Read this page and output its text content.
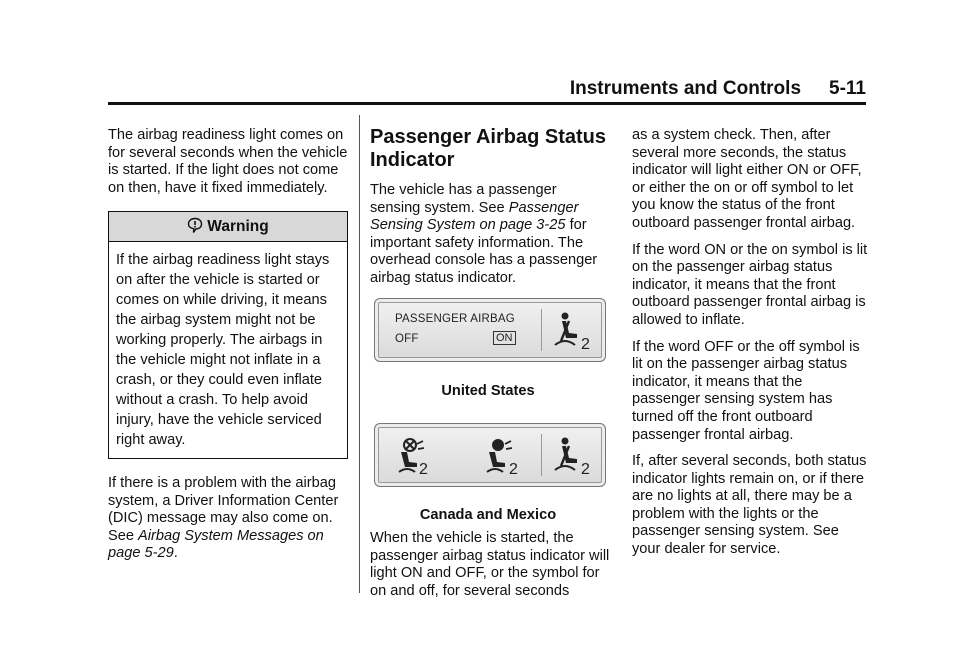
Instruments and Controls 5-11

The airbag readiness light comes on for several seconds when the vehicle is started. If the light does not come on then, have it fixed immediately.

Warning
If the airbag readiness light stays on after the vehicle is started or comes on while driving, it means the airbag system might not be working properly. The airbags in the vehicle might not inflate in a crash, or they could even inflate without a crash. To help avoid injury, have the vehicle serviced right away.

If there is a problem with the airbag system, a Driver Information Center (DIC) message may also come on. See Airbag System Messages on page 5-29.

Passenger Airbag Status Indicator

The vehicle has a passenger sensing system. See Passenger Sensing System on page 3-25 for important safety information. The overhead console has a passenger airbag status indicator.

PASSENGER AIRBAG
OFF	ON	2
United States
2	2	2
Canada and Mexico

When the vehicle is started, the passenger airbag status indicator will light ON and OFF, or the symbol for on and off, for several seconds

as a system check. Then, after several more seconds, the status indicator will light either ON or OFF, or either the on or off symbol to let you know the status of the front outboard passenger frontal airbag.

If the word ON or the on symbol is lit on the passenger airbag status indicator, it means that the front outboard passenger frontal airbag is allowed to inflate.

If the word OFF or the off symbol is lit on the passenger airbag status indicator, it means that the passenger sensing system has turned off the front outboard passenger frontal airbag.

If, after several seconds, both status indicator lights remain on, or if there are no lights at all, there may be a problem with the lights or the passenger sensing system. See your dealer for service.
